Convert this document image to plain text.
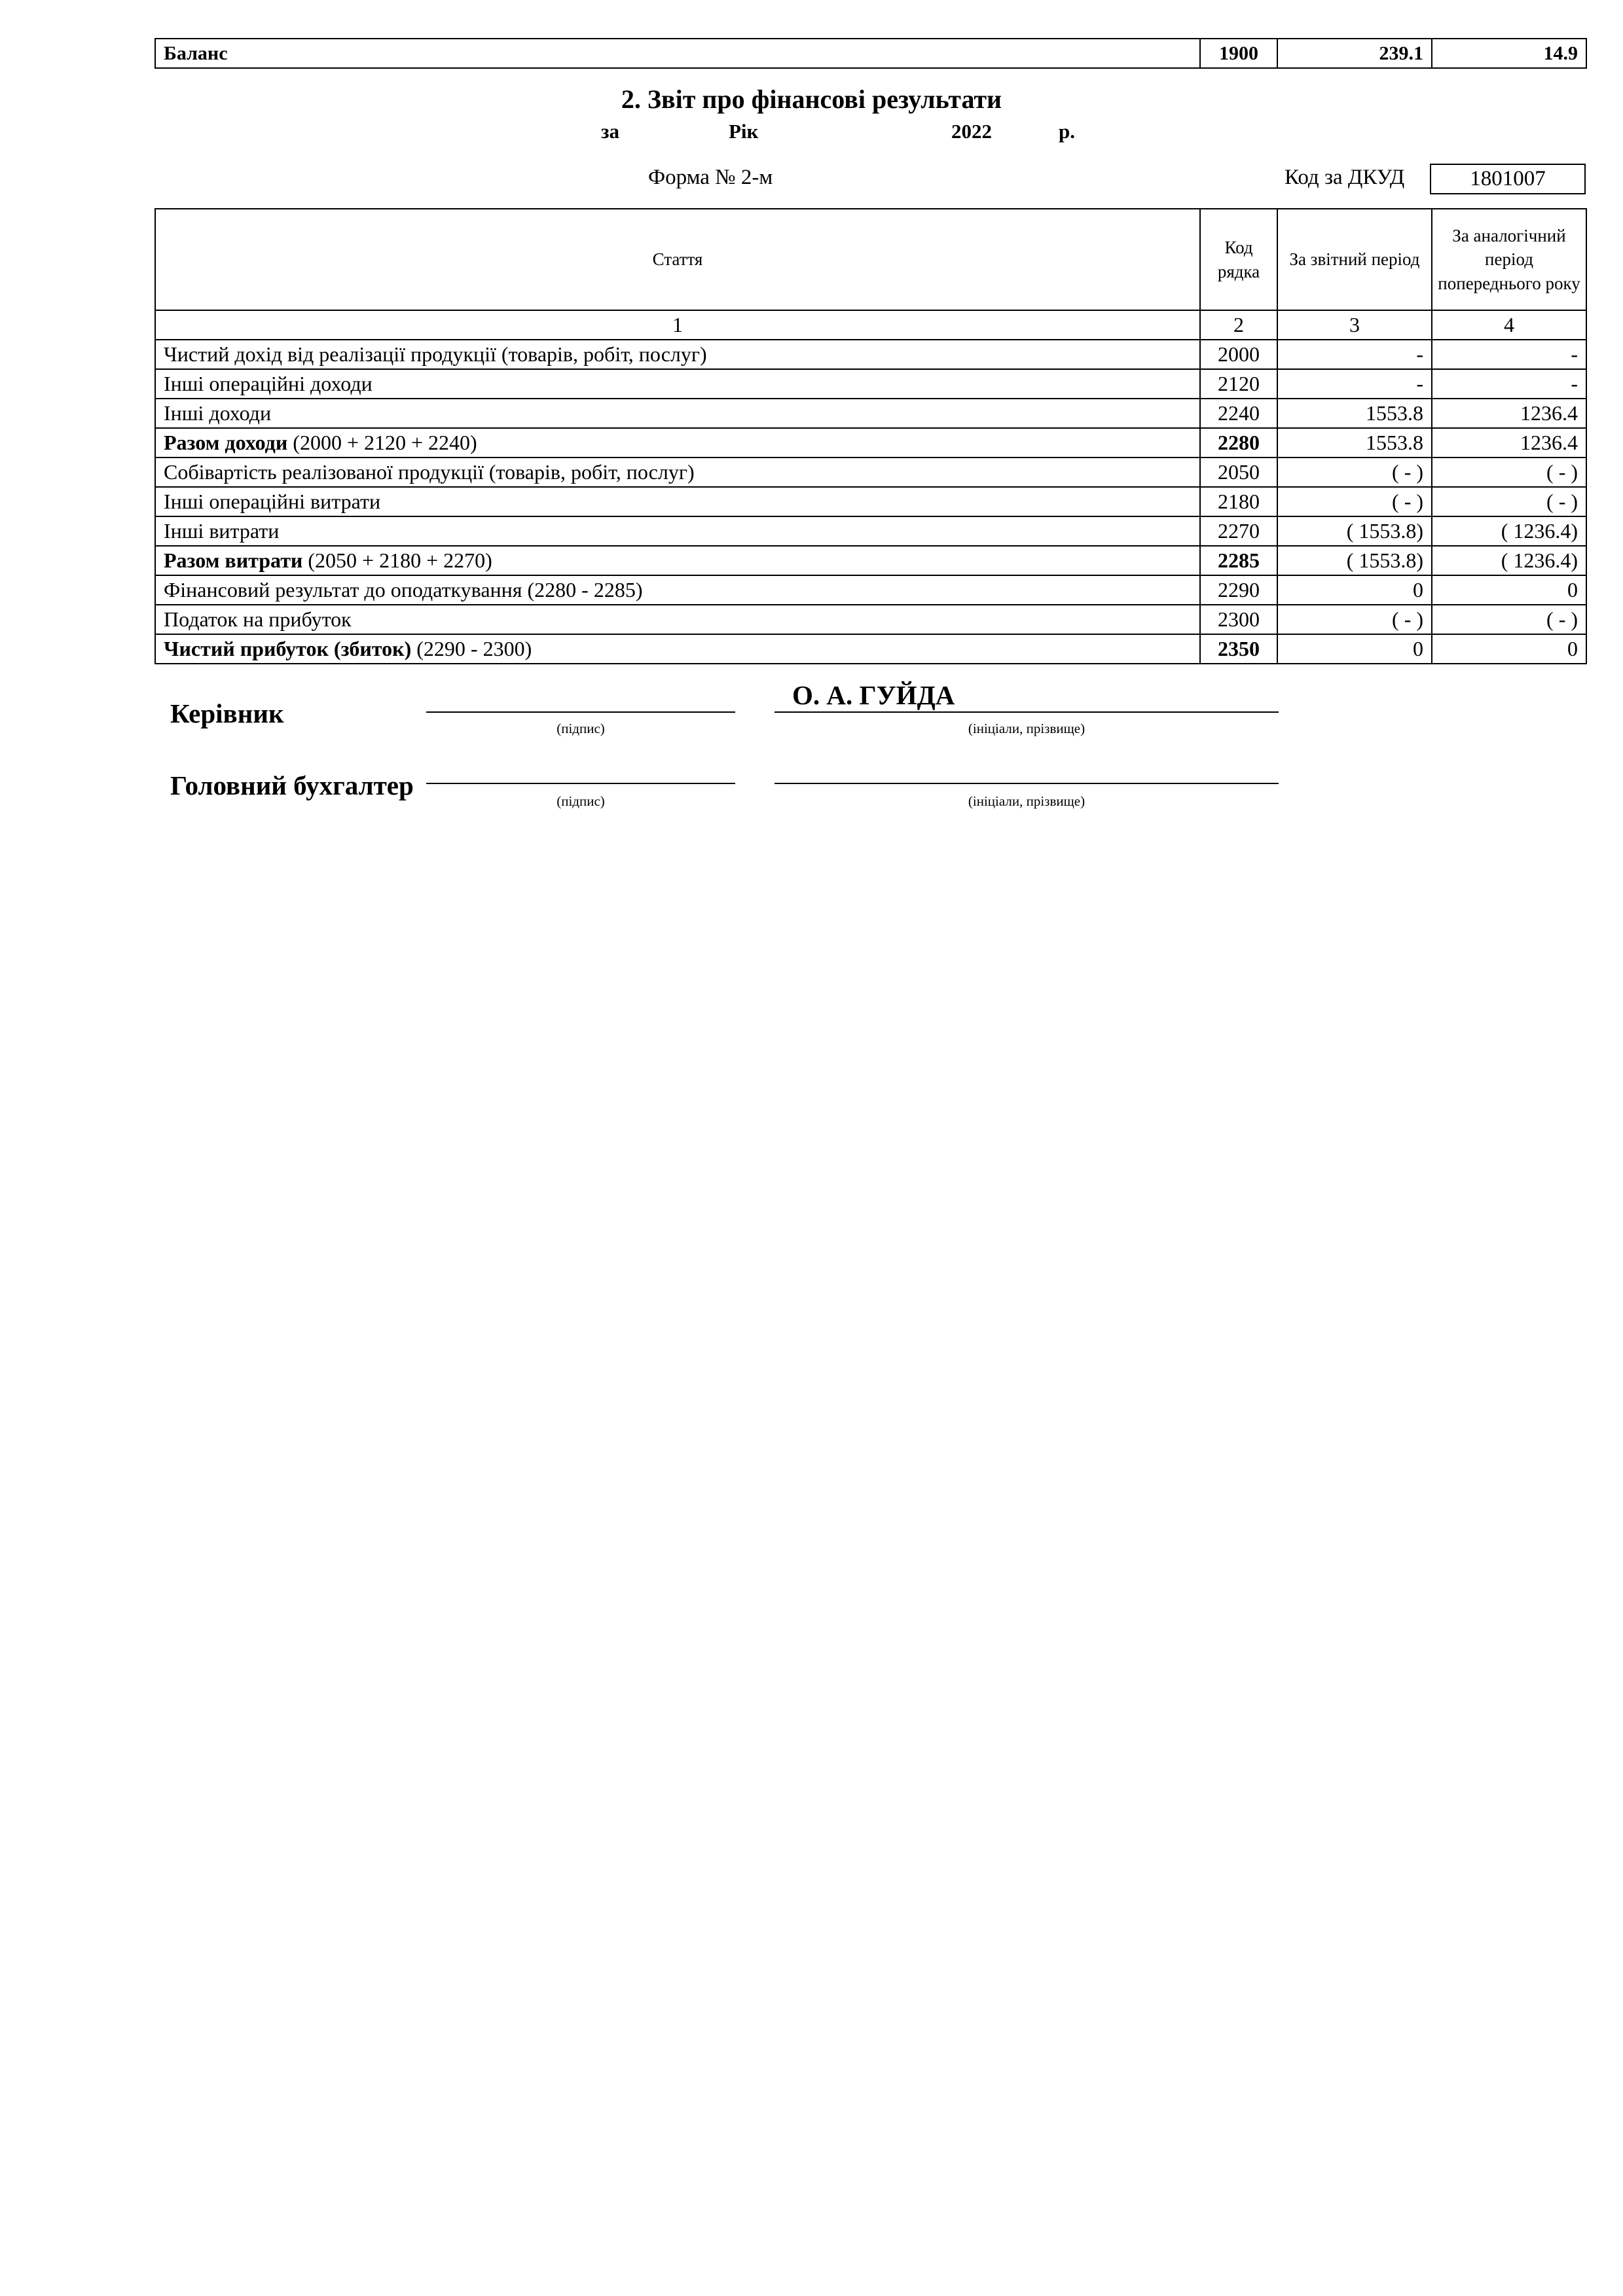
Баланс	1900	239.1	14.9
2. Звіт про фінансові результати
за	Рік	2022	р.
Форма № 2-м	Код за ДКУД	1801007
Стаття	Код рядка	За звітний період	За аналогічний період попереднього року
1	2	3	4
Чистий дохід від реалізації продукції (товарів, робіт, послуг)	2000	-	-
Інші операційні доходи	2120	-	-
Інші доходи	2240	1553.8	1236.4
Разом доходи (2000 + 2120 + 2240)	2280	1553.8	1236.4
Собівартість реалізованої продукції (товарів, робіт, послуг)	2050	( - )	( - )
Інші операційні витрати	2180	( - )	( - )
Інші витрати	2270	( 1553.8)	( 1236.4)
Разом витрати (2050 + 2180 + 2270)	2285	( 1553.8)	( 1236.4)
Фінансовий результат до оподаткування (2280 - 2285)	2290	0	0
Податок на прибуток	2300	( - )	( - )
Чистий прибуток (збиток) (2290 - 2300)	2350	0	0
Керівник	(підпис)
О. А. ГУЙДА
(ініціали, прізвище)
Головний бухгалтер
(підпис)	(ініціали, прізвище)
